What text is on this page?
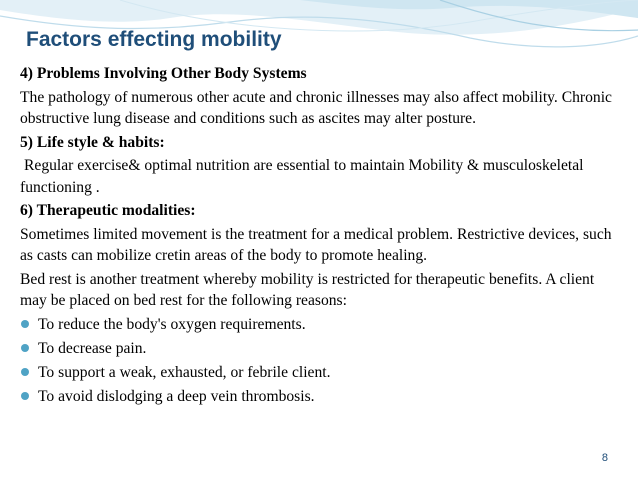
Factors effecting mobility

4) Problems Involving Other Body Systems

The pathology of numerous other acute and chronic illnesses may also affect mobility. Chronic obstructive lung disease and conditions such as ascites may alter posture.

5) Life style & habits:

Regular exercise& optimal nutrition are essential to maintain Mobility & musculoskeletal functioning .

6) Therapeutic modalities:

Sometimes limited movement is the treatment for a medical problem. Restrictive devices, such as casts can mobilize cretin areas of the body to promote healing.

Bed rest is another treatment whereby mobility is restricted for therapeutic benefits. A client may be placed on bed rest for the following reasons:

To reduce the body's oxygen requirements.
To decrease pain.
To support a weak, exhausted, or febrile client.
To avoid dislodging a deep vein thrombosis.
8
